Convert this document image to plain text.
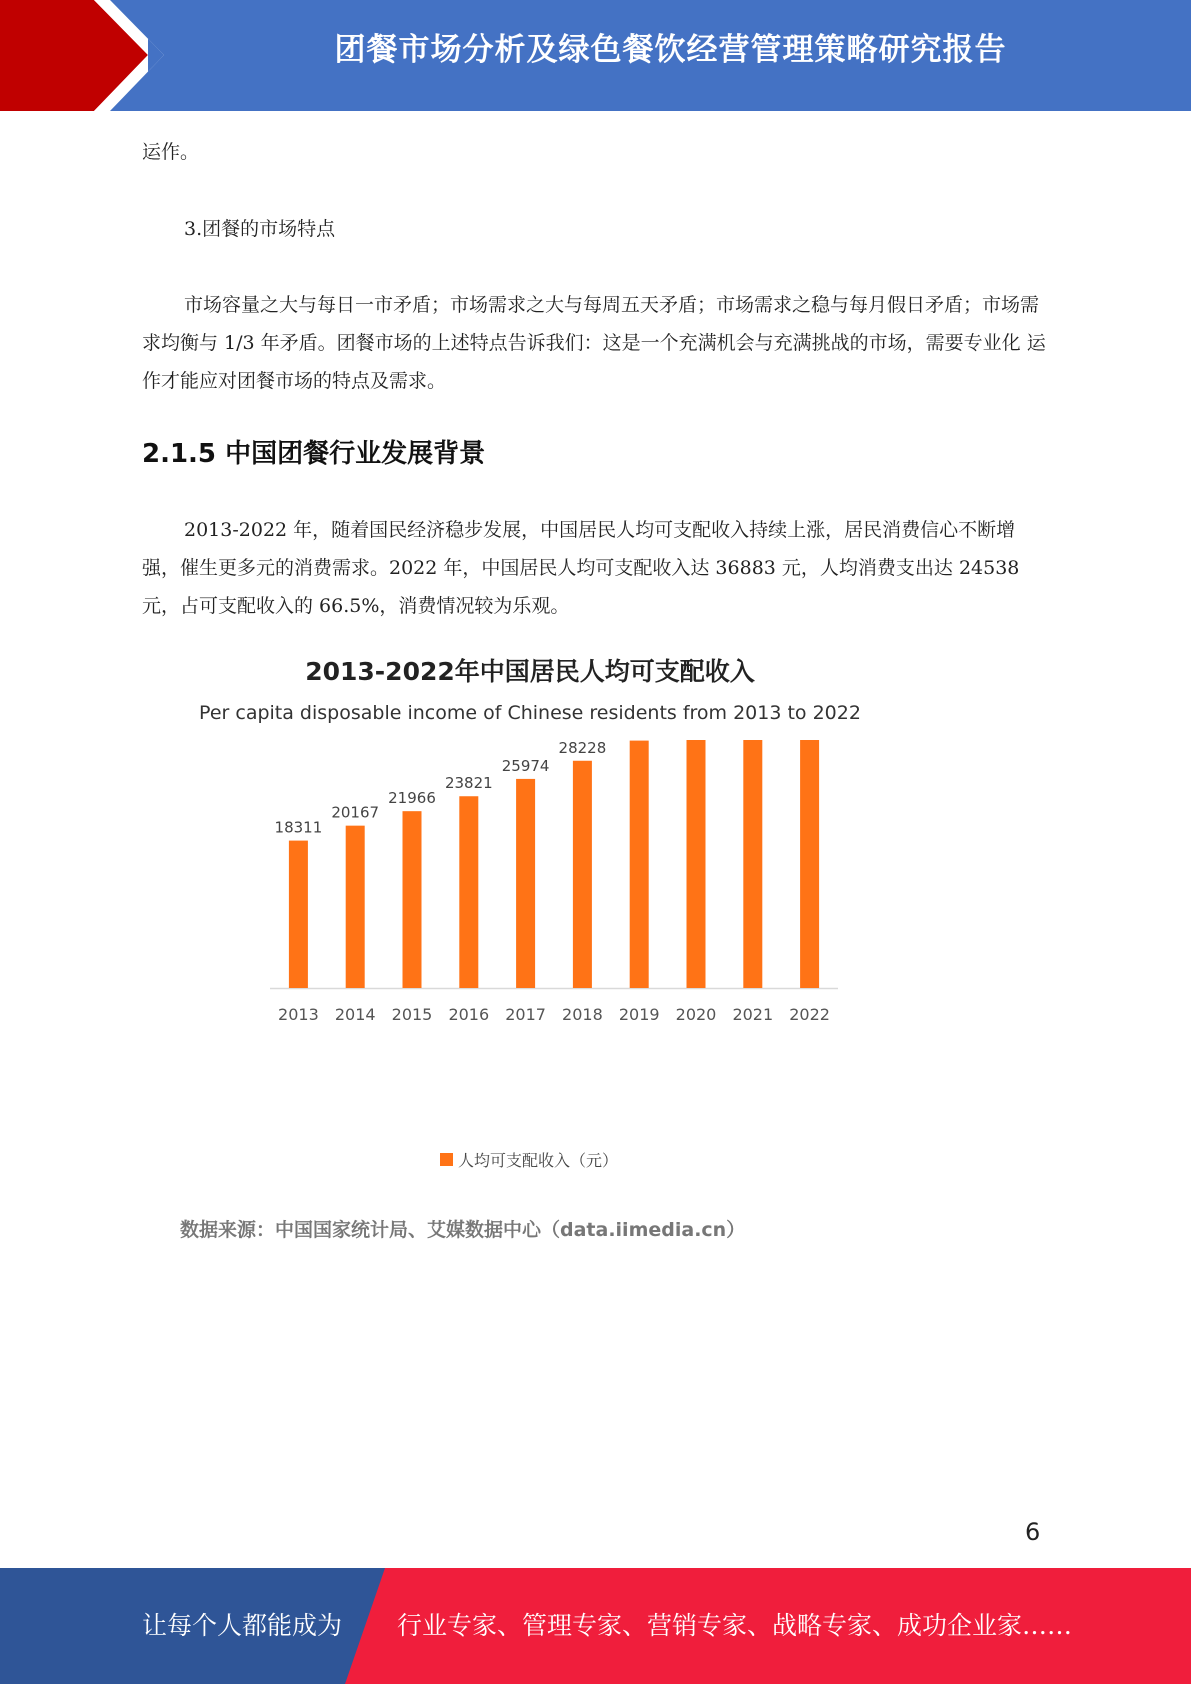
团餐市场分析及绿色餐饮经营管理策略研究报告

运作。

3.团餐的市场特点

市场容量之大与每日一市矛盾；市场需求之大与每周五天矛盾；市场需求之稳与每月假日矛盾；市场需求均衡与 1/3 年矛盾。团餐市场的上述特点告诉我们：这是一个充满机会与充满挑战的市场，需要专业化 运作才能应对团餐市场的特点及需求。

2.1.5 中国团餐行业发展背景

2013-2022 年，随着国民经济稳步发展，中国居民人均可支配收入持续上涨，居民消费信心不断增强，催生更多元的消费需求。2022 年，中国居民人均可支配收入达 36883 元，人均消费支出达 24538 元，占可支配收入的 66.5%，消费情况较为乐观。

2013-2022年中国居民人均可支配收入
Per capita disposable income of Chinese residents from 2013 to 2022
18311
2013
20167
2014
21966
2015
23821
2016
25974
2017
28228
2018 2019 2020 2021 2022
人均可支配收入（元）
数据来源：中国国家统计局、艾媒数据中心（data.iimedia.cn）
6
让每个人都能成为 行业专家、管理专家、营销专家、战略专家、成功企业家……
